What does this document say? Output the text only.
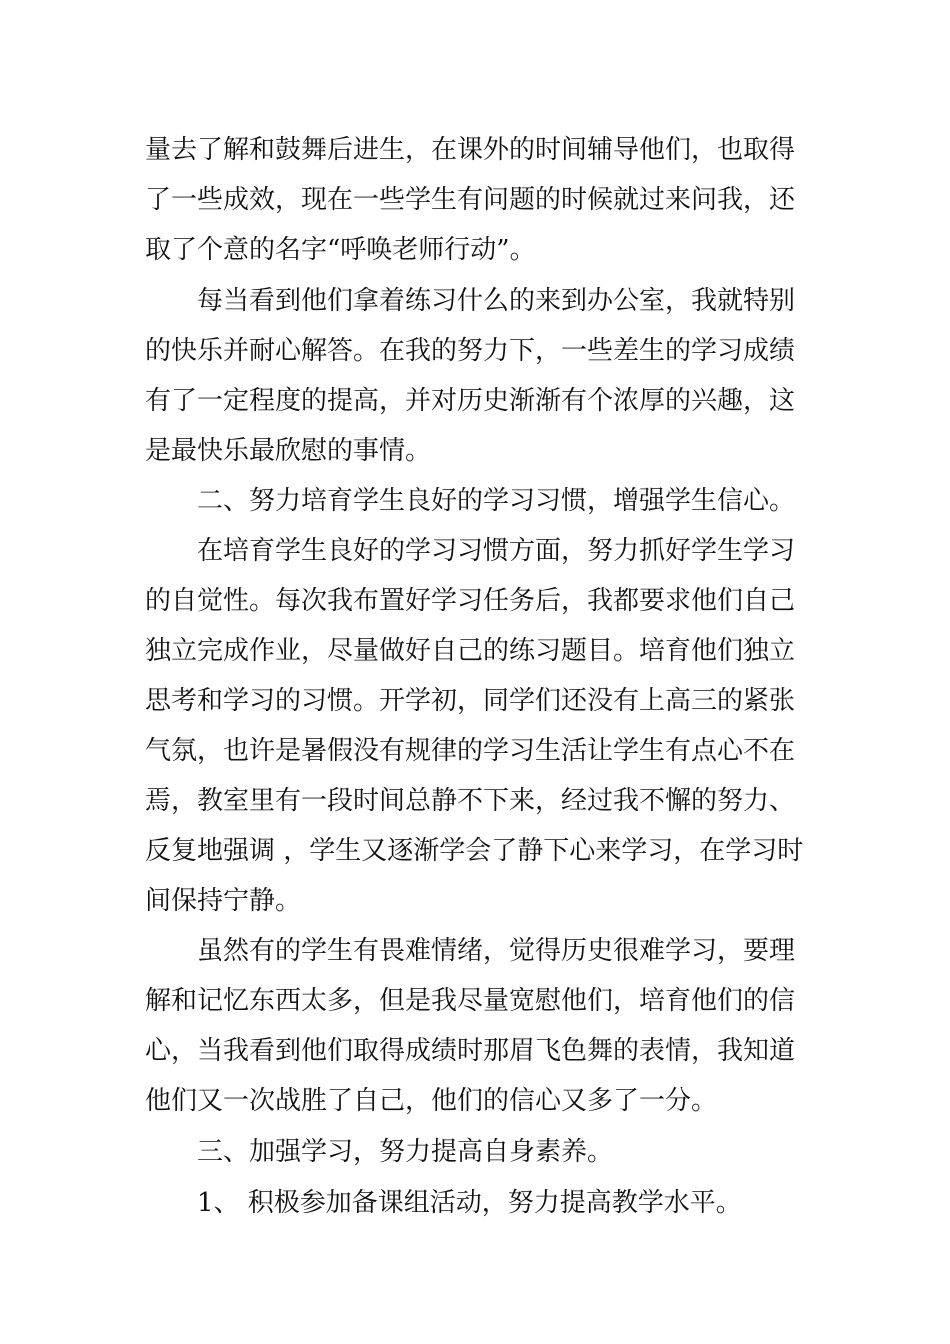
量去了解和鼓舞后进生，在课外的时间辅导他们，也取得
了一些成效，现在一些学生有问题的时候就过来问我，还
取了个意的名字“呼唤老师行动”。
每当看到他们拿着练习什么的来到办公室，我就特别
的快乐并耐心解答。在我的努力下，一些差生的学习成绩
有了一定程度的提高，并对历史渐渐有个浓厚的兴趣，这
是最快乐最欣慰的事情。
二、努力培育学生良好的学习习惯，增强学生信心。
在培育学生良好的学习习惯方面，努力抓好学生学习
的自觉性。每次我布置好学习任务后，我都要求他们自己
独立完成作业，尽量做好自己的练习题目。培育他们独立
思考和学习的习惯。开学初，同学们还没有上高三的紧张
气氛，也许是暑假没有规律的学习生活让学生有点心不在
焉，教室里有一段时间总静不下来，经过我不懈的努力、
反复地强调 ，学生又逐渐学会了静下心来学习，在学习时
间保持宁静。
虽然有的学生有畏难情绪，觉得历史很难学习，要理
解和记忆东西太多，但是我尽量宽慰他们，培育他们的信
心，当我看到他们取得成绩时那眉飞色舞的表情，我知道
他们又一次战胜了自己，他们的信心又多了一分。
三、加强学习，努力提高自身素养。
1、 积极参加备课组活动，努力提高教学水平。
